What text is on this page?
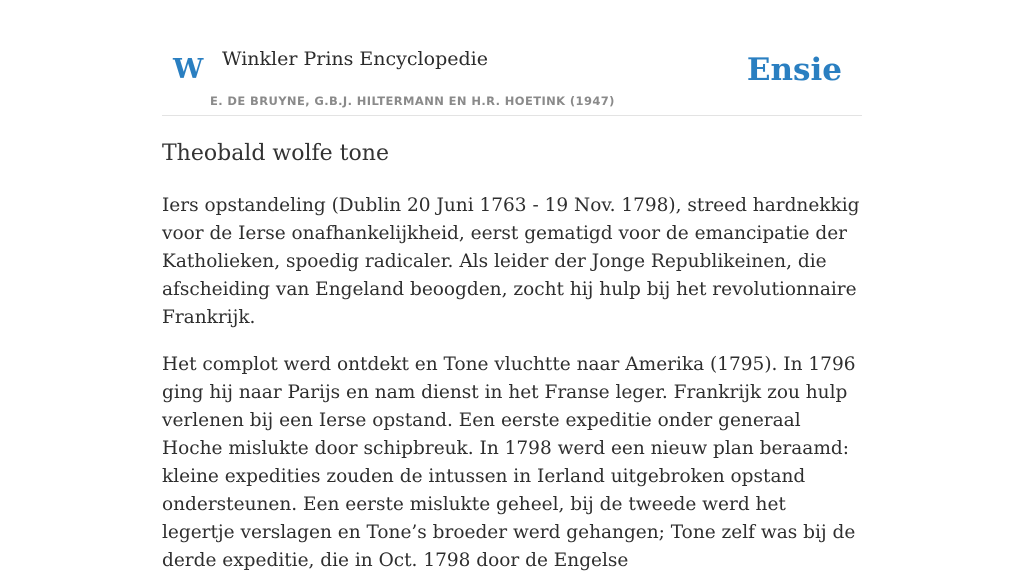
W Winkler Prins Encyclopedie
E. DE BRUYNE, G.B.J. HILTERMANN EN H.R. HOETINK (1947)
Ensie
Theobald wolfe tone

Iers opstandeling (Dublin 20 Juni 1763 - 19 Nov. 1798), streed hardnekkig voor de Ierse onafhankelijkheid, eerst gematigd voor de emancipatie der Katholieken, spoedig radicaler. Als leider der Jonge Republikeinen, die afscheiding van Engeland beoogden, zocht hij hulp bij het revolutionnaire Frankrijk.

Het complot werd ontdekt en Tone vluchtte naar Amerika (1795). In 1796 ging hij naar Parijs en nam dienst in het Franse leger. Frankrijk zou hulp verlenen bij een Ierse opstand. Een eerste expeditie onder generaal Hoche mislukte door schipbreuk. In 1798 werd een nieuw plan beraamd: kleine expedities zouden de intussen in Ierland uitgebroken opstand ondersteunen. Een eerste mislukte geheel, bij de tweede werd het legertje verslagen en Tone’s broeder werd gehangen; Tone zelf was bij de derde expeditie, die in Oct. 1798 door de Engelse
